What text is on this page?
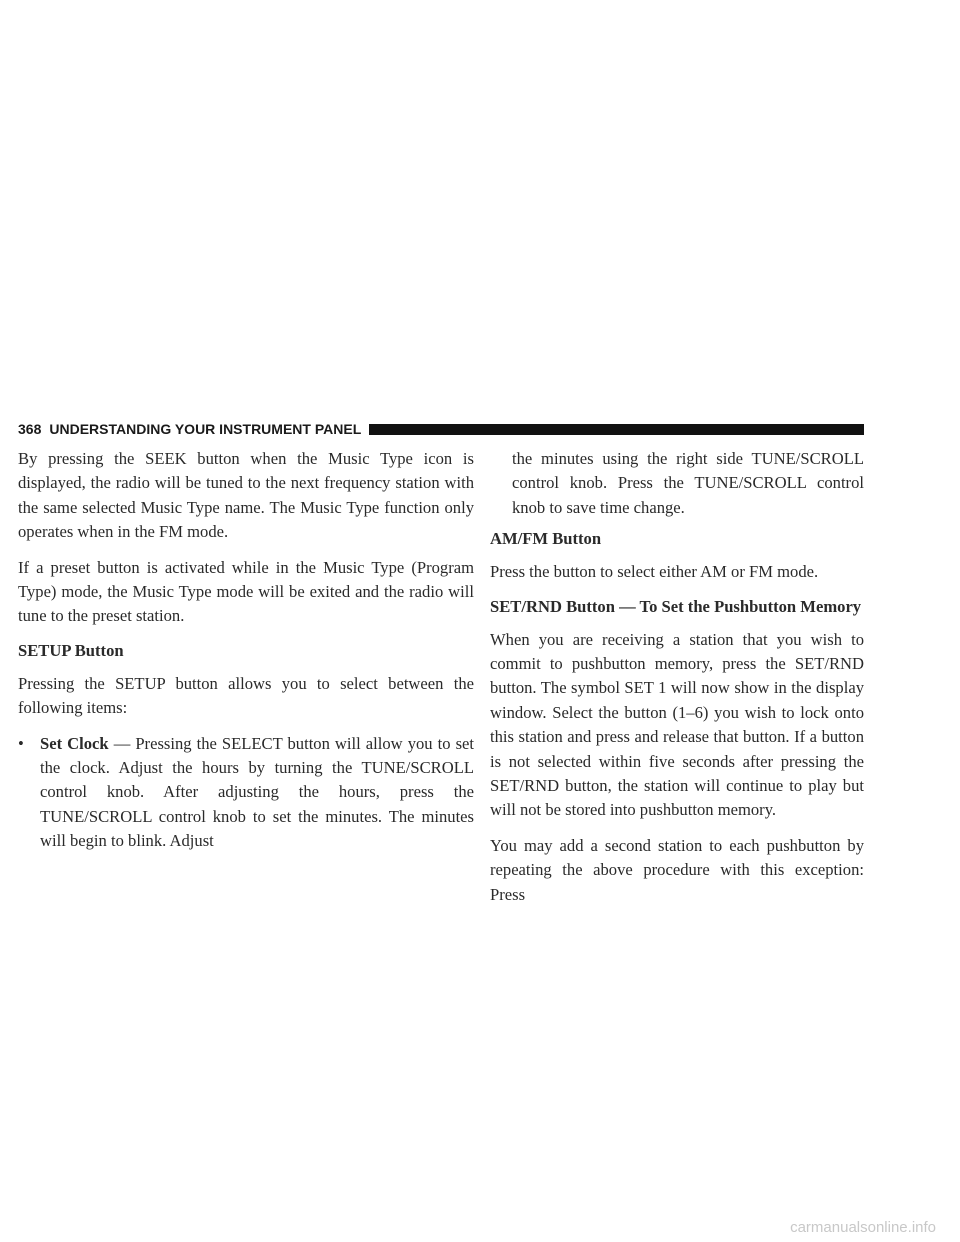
368 UNDERSTANDING YOUR INSTRUMENT PANEL

By pressing the SEEK button when the Music Type icon is displayed, the radio will be tuned to the next frequency station with the same selected Music Type name. The Music Type function only operates when in the FM mode.

If a preset button is activated while in the Music Type (Program Type) mode, the Music Type mode will be exited and the radio will tune to the preset station.

SETUP Button

Pressing the SETUP button allows you to select between the following items:

• Set Clock — Pressing the SELECT button will allow you to set the clock. Adjust the hours by turning the TUNE/SCROLL control knob. After adjusting the hours, press the TUNE/SCROLL control knob to set the minutes. The minutes will begin to blink. Adjust

the minutes using the right side TUNE/SCROLL control knob. Press the TUNE/SCROLL control knob to save time change.

AM/FM Button

Press the button to select either AM or FM mode.

SET/RND Button — To Set the Pushbutton Memory

When you are receiving a station that you wish to commit to pushbutton memory, press the SET/RND button. The symbol SET 1 will now show in the display window. Select the button (1–6) you wish to lock onto this station and press and release that button. If a button is not selected within five seconds after pressing the SET/RND button, the station will continue to play but will not be stored into pushbutton memory.

You may add a second station to each pushbutton by repeating the above procedure with this exception: Press

carmanualsonline.info
